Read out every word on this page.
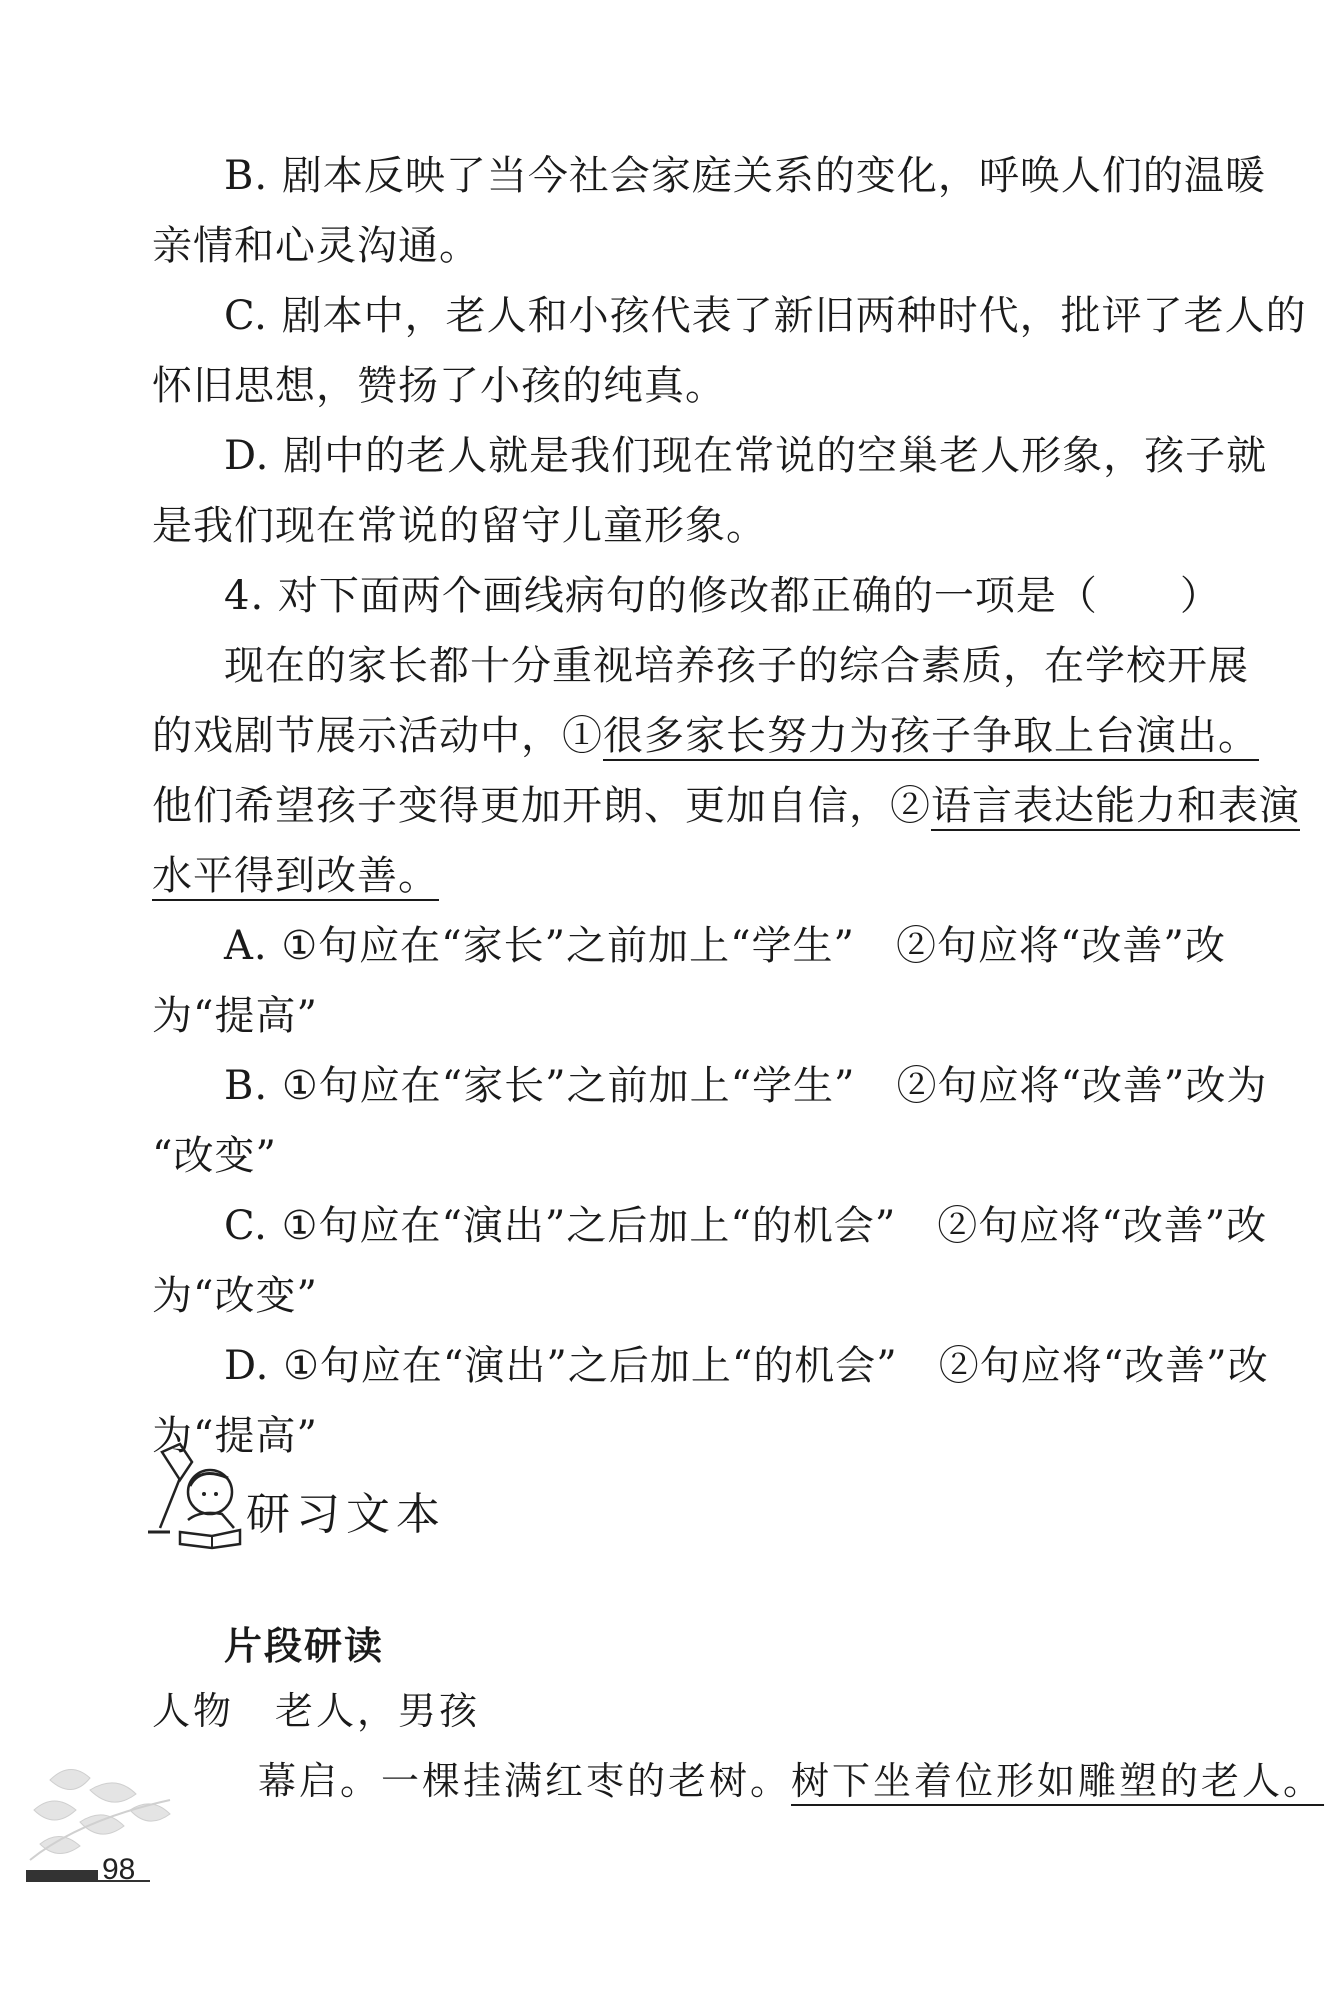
B. 剧本反映了当今社会家庭关系的变化，呼唤人们的温暖
亲情和心灵沟通。
C. 剧本中，老人和小孩代表了新旧两种时代，批评了老人的
怀旧思想，赞扬了小孩的纯真。
D. 剧中的老人就是我们现在常说的空巢老人形象，孩子就
是我们现在常说的留守儿童形象。
4. 对下面两个画线病句的修改都正确的一项是（　　）
现在的家长都十分重视培养孩子的综合素质，在学校开展
的戏剧节展示活动中，①很多家长努力为孩子争取上台演出。
他们希望孩子变得更加开朗、更加自信，②语言表达能力和表演
水平得到改善。
A. ①句应在“家长”之前加上“学生”　②句应将“改善”改
为“提高”
B. ①句应在“家长”之前加上“学生”　②句应将“改善”改为
“改变”
C. ①句应在“演出”之后加上“的机会”　②句应将“改善”改
为“改变”
D. ①句应在“演出”之后加上“的机会”　②句应将“改善”改
为“提高”
研习文本
片段研读
人物　老人，男孩
幕启。一棵挂满红枣的老树。树下坐着位形如雕塑的老人。
98
